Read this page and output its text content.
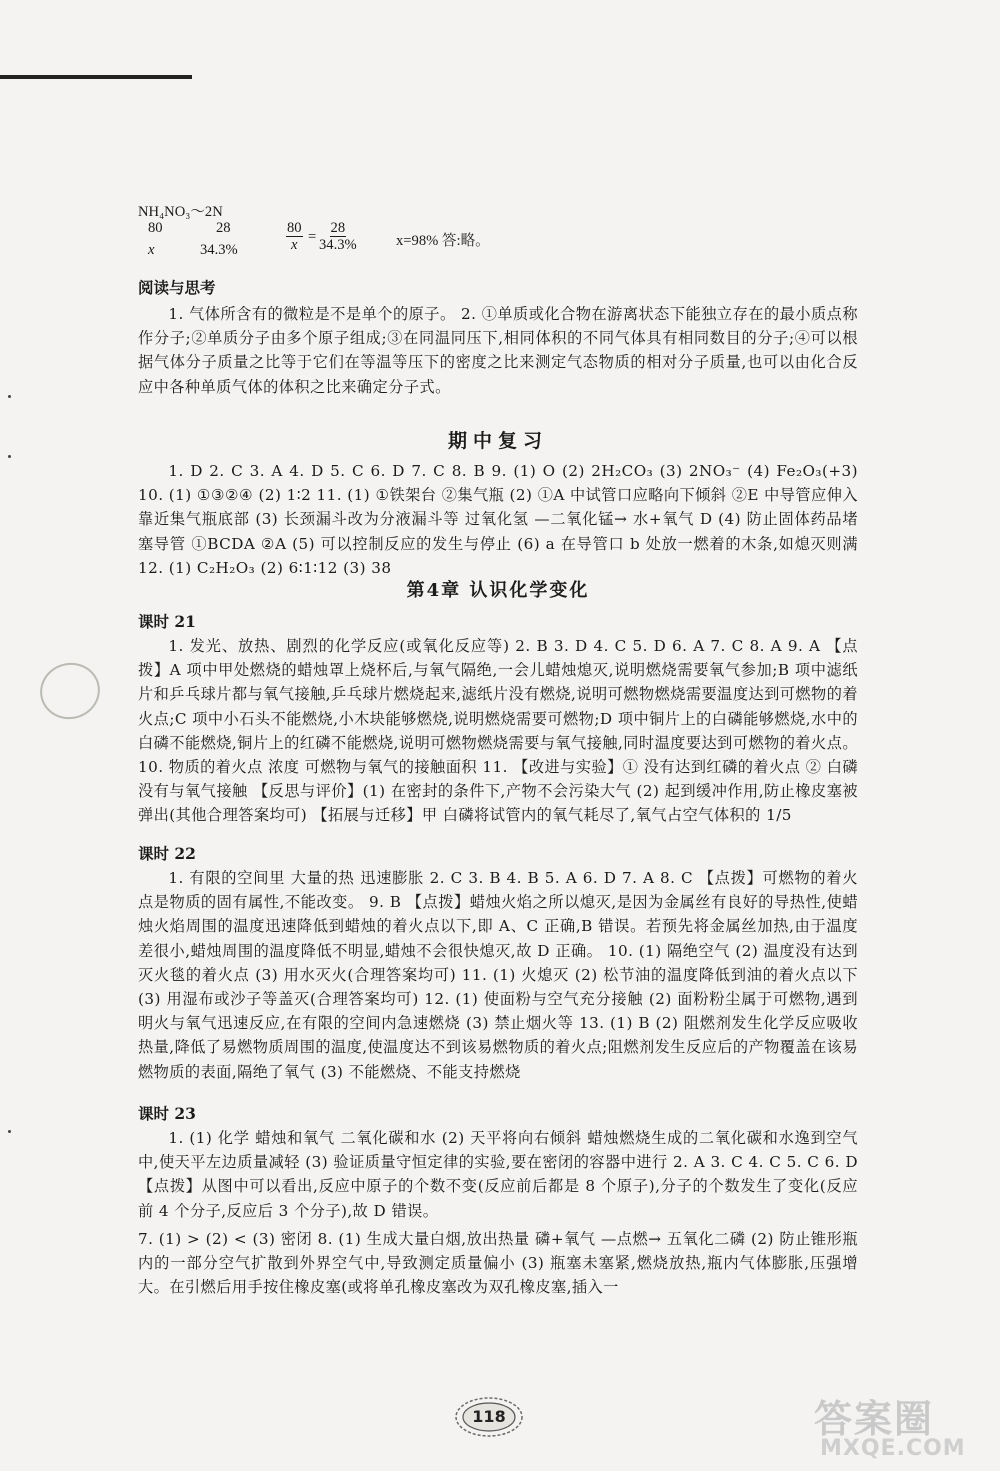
NH₄NO₃～2N
80	28
x	34.3%	$\frac{80}{x} = \frac{28}{34.3\%}$	x=98% 答:略。
阅读与思考

1. 气体所含有的微粒是不是单个的原子。 2. ①单质或化合物在游离状态下能独立存在的最小质点称作分子;②单质分子由多个原子组成;③在同温同压下,相同体积的不同气体具有相同数目的分子;④可以根据气体分子质量之比等于它们在等温等压下的密度之比来测定气态物质的相对分子质量,也可以由化合反应中各种单质气体的体积之比来确定分子式。

期中复习

1. D 2. C 3. A 4. D 5. C 6. D 7. C 8. B 9. (1) O (2) 2H₂CO₃ (3) 2NO₃⁻ (4) Fe₂O₃(+3) 10. (1) ①③②④ (2) 1∶2 11. (1) ①铁架台 ②集气瓶 (2) ①A 中试管口应略向下倾斜 ②E 中导管应伸入靠近集气瓶底部 (3) 长颈漏斗改为分液漏斗等 过氧化氢 —二氧化锰→ 水+氧气 D (4) 防止固体药品堵塞导管 ①BCDA ②A (5) 可以控制反应的发生与停止 (6) a 在导管口 b 处放一燃着的木条,如熄灭则满 12. (1) C₂H₂O₃ (2) 6∶1∶12 (3) 38

第4章 认识化学变化
课时 21

1. 发光、放热、剧烈的化学反应(或氧化反应等) 2. B 3. D 4. C 5. D 6. A 7. C 8. A 9. A 【点拨】A 项中甲处燃烧的蜡烛罩上烧杯后,与氧气隔绝,一会儿蜡烛熄灭,说明燃烧需要氧气参加;B 项中滤纸片和乒乓球片都与氧气接触,乒乓球片燃烧起来,滤纸片没有燃烧,说明可燃物燃烧需要温度达到可燃物的着火点;C 项中小石头不能燃烧,小木块能够燃烧,说明燃烧需要可燃物;D 项中铜片上的白磷能够燃烧,水中的白磷不能燃烧,铜片上的红磷不能燃烧,说明可燃物燃烧需要与氧气接触,同时温度要达到可燃物的着火点。 10. 物质的着火点 浓度 可燃物与氧气的接触面积 11. 【改进与实验】① 没有达到红磷的着火点 ② 白磷没有与氧气接触 【反思与评价】(1) 在密封的条件下,产物不会污染大气 (2) 起到缓冲作用,防止橡皮塞被弹出(其他合理答案均可) 【拓展与迁移】甲 白磷将试管内的氧气耗尽了,氧气占空气体积的 1/5

课时 22

1. 有限的空间里 大量的热 迅速膨胀 2. C 3. B 4. B 5. A 6. D 7. A 8. C 【点拨】可燃物的着火点是物质的固有属性,不能改变。 9. B 【点拨】蜡烛火焰之所以熄灭,是因为金属丝有良好的导热性,使蜡烛火焰周围的温度迅速降低到蜡烛的着火点以下,即 A、C 正确,B 错误。若预先将金属丝加热,由于温度差很小,蜡烛周围的温度降低不明显,蜡烛不会很快熄灭,故 D 正确。 10. (1) 隔绝空气 (2) 温度没有达到灭火毯的着火点 (3) 用水灭火(合理答案均可) 11. (1) 火熄灭 (2) 松节油的温度降低到油的着火点以下 (3) 用湿布或沙子等盖灭(合理答案均可) 12. (1) 使面粉与空气充分接触 (2) 面粉粉尘属于可燃物,遇到明火与氧气迅速反应,在有限的空间内急速燃烧 (3) 禁止烟火等 13. (1) B (2) 阻燃剂发生化学反应吸收热量,降低了易燃物质周围的温度,使温度达不到该易燃物质的着火点;阻燃剂发生反应后的产物覆盖在该易燃物质的表面,隔绝了氧气 (3) 不能燃烧、不能支持燃烧

课时 23

1. (1) 化学 蜡烛和氧气 二氧化碳和水 (2) 天平将向右倾斜 蜡烛燃烧生成的二氧化碳和水逸到空气中,使天平左边质量减轻 (3) 验证质量守恒定律的实验,要在密闭的容器中进行 2. A 3. C 4. C 5. C 6. D 【点拨】从图中可以看出,反应中原子的个数不变(反应前后都是 8 个原子),分子的个数发生了变化(反应前 4 个分子,反应后 3 个分子),故 D 错误。

7. (1) > (2) < (3) 密闭 8. (1) 生成大量白烟,放出热量 磷+氧气 —点燃→ 五氧化二磷 (2) 防止锥形瓶内的一部分空气扩散到外界空气中,导致测定质量偏小 (3) 瓶塞未塞紧,燃烧放热,瓶内气体膨胀,压强增大。在引燃后用手按住橡皮塞(或将单孔橡皮塞改为双孔橡皮塞,插入一

118	答案圈
MXQE.COM
